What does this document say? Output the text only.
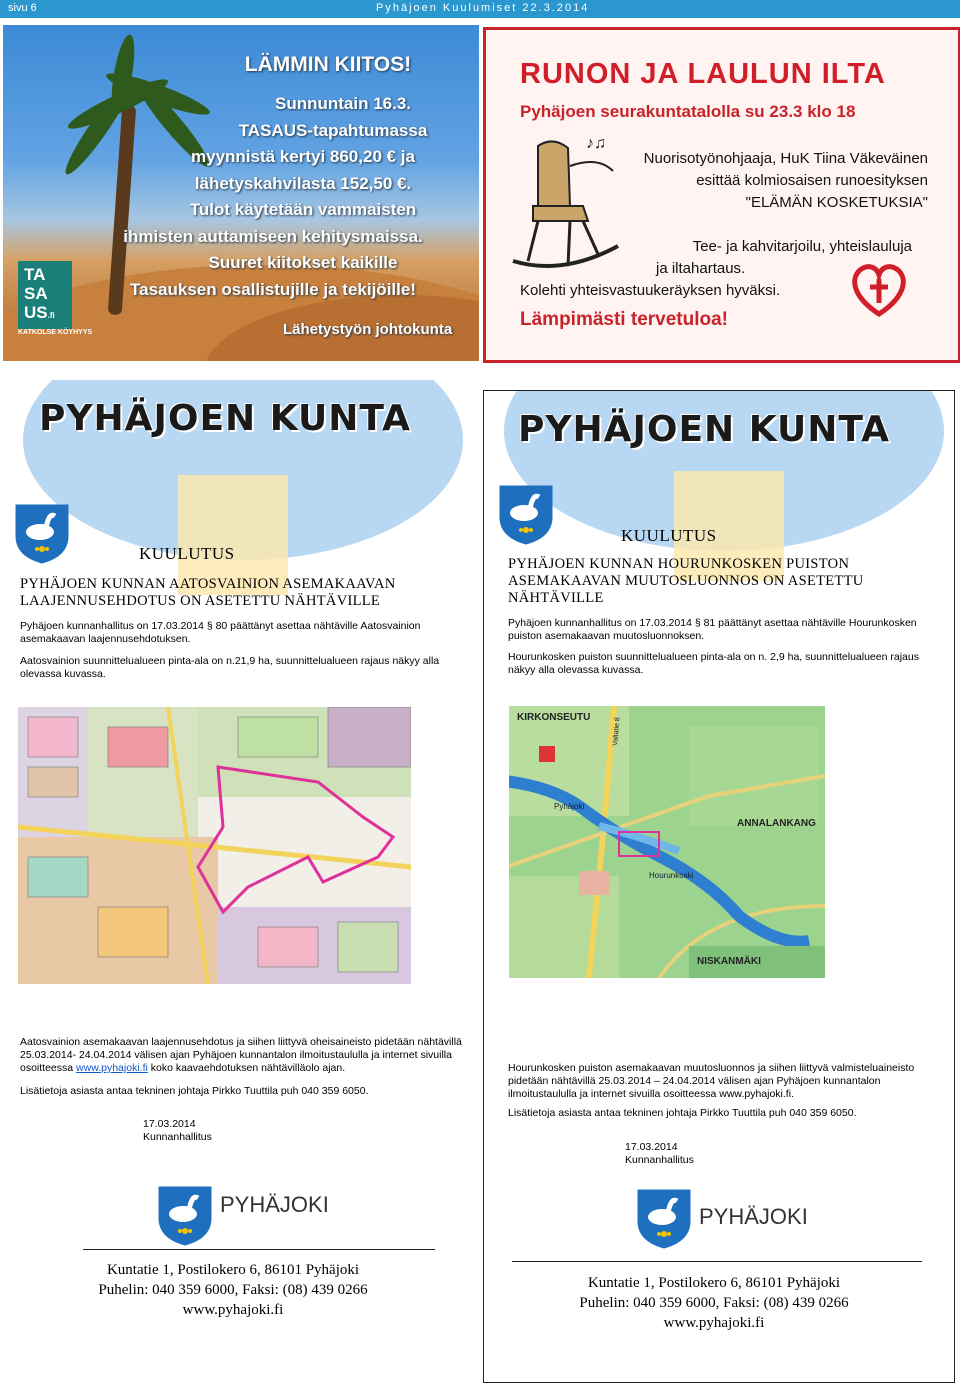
sivu 6	Pyhäjoen Kuulumiset 22.3.2014
LÄMMIN KIITOS!
Sunnuntain 16.3.
TASAUS-tapahtumassa
myynnistä kertyi 860,20 € ja
lähetyskahvilasta 152,50 €.
Tulot käytetään vammaisten
ihmisten auttamiseen kehitysmaissa.
Suuret kiitokset kaikille
Tasauksen osallistujille ja tekijöille!
TA SA US.fi
KATKOLSE KÖYHYYS	Lähetystyön johtokunta
RUNON JA LAULUN ILTA
Pyhäjoen seurakuntatalolla su 23.3 klo 18
♪♫
Nuorisotyönohjaaja, HuK Tiina Väkeväinen
esittää kolmiosaisen runoesityksen
"ELÄMÄN KOSKETUKSIA"
Tee- ja kahvitarjoilu, yhteislauluja
ja iltahartaus.
Kolehti yhteisvastuukeräyksen hyväksi.
Lämpimästi tervetuloa!
PYHÄJOEN KUNTA
KUULUTUS
PYHÄJOEN KUNNAN AATOSVAINION ASEMAKAAVAN
LAAJENNUSEHDOTUS ON ASETETTU NÄHTÄVILLE
Pyhäjoen kunnanhallitus on 17.03.2014 § 80 päättänyt asettaa nähtäville Aatosvainion asemakaavan laajennusehdotuksen.
Aatosvainion suunnittelualueen pinta-ala on n.21,9 ha, suunnittelualueen rajaus näkyy alla olevassa kuvassa.
Aatosvainion asemakaavan laajennusehdotus ja siihen liittyvä oheisaineisto pidetään nähtävillä 25.03.2014- 24.04.2014 välisen ajan Pyhäjoen kunnantalon ilmoitustaululla ja internet sivuilla osoitteessa www.pyhajoki.fi koko kaavaehdotuksen nähtävilläolo ajan.
Lisätietoja asiasta antaa tekninen johtaja Pirkko Tuuttila puh 040 359 6050.
17.03.2014
Kunnanhallitus
PYHÄJOKI
Kuntatie 1, Postilokero 6, 86101 Pyhäjoki
Puhelin: 040 359 6000, Faksi: (08) 439 0266
www.pyhajoki.fi
PYHÄJOEN KUNTA
KUULUTUS
PYHÄJOEN KUNNAN HOURUNKOSKEN PUISTON
ASEMAKAAVAN MUUTOSLUONNOS ON ASETETTU
NÄHTÄVILLE
Pyhäjoen kunnanhallitus on 17.03.2014 § 81 päättänyt asettaa nähtäville Hourunkosken puiston asemakaavan muutosluonnoksen.
Hourunkosken puiston suunnittelualueen pinta-ala on n. 2,9 ha, suunnittelualueen rajaus näkyy alla olevassa kuvassa.
KIRKONSEUTU
ANNALANKANG
NISKANMÄKI
Pyhäjoki
Hourunkoski
Valtatie 8
Hourunkosken puiston asemakaavan muutosluonnos ja siihen liittyvä valmisteluaineisto pidetään nähtävillä 25.03.2014 – 24.04.2014 välisen ajan Pyhäjoen kunnantalon ilmoitustaululla ja internet sivuilla osoitteessa www.pyhajoki.fi.
Lisätietoja asiasta antaa tekninen johtaja Pirkko Tuuttila puh 040 359 6050.
17.03.2014
Kunnanhallitus
PYHÄJOKI
Kuntatie 1, Postilokero 6, 86101 Pyhäjoki
Puhelin: 040 359 6000, Faksi: (08) 439 0266
www.pyhajoki.fi
